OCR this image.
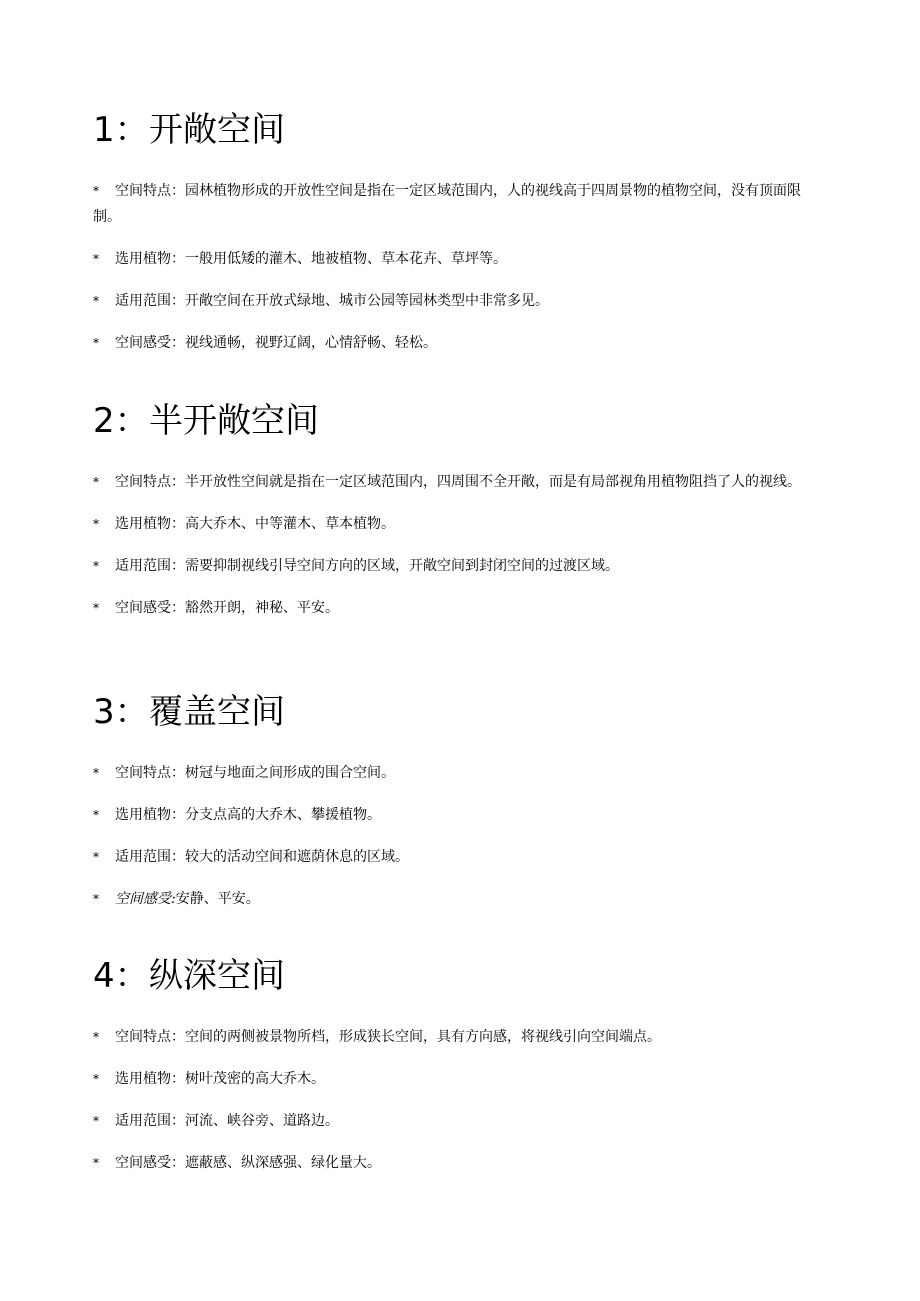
1：开敞空间
* 空间特点：园林植物形成的开放性空间是指在一定区域范围内，人的视线高于四周景物的植物空间，没有顶面限制。
* 选用植物：一般用低矮的灌木、地被植物、草本花卉、草坪等。
* 适用范围：开敞空间在开放式绿地、城市公园等园林类型中非常多见。
* 空间感受：视线通畅，视野辽阔，心情舒畅、轻松。
2：半开敞空间
* 空间特点：半开放性空间就是指在一定区域范围内，四周围不全开敞，而是有局部视角用植物阻挡了人的视线。
* 选用植物：高大乔木、中等灌木、草本植物。
* 适用范围：需要抑制视线引导空间方向的区域，开敞空间到封闭空间的过渡区域。
* 空间感受：豁然开朗，神秘、平安。
3：覆盖空间
* 空间特点：树冠与地面之间形成的围合空间。
* 选用植物：分支点高的大乔木、攀援植物。
* 适用范围：较大的活动空间和遮荫休息的区域。
* 空间感受:安静、平安。
4：纵深空间
* 空间特点：空间的两侧被景物所档，形成狭长空间，具有方向感，将视线引向空间端点。
* 选用植物：树叶茂密的高大乔木。
* 适用范围：河流、峡谷旁、道路边。
* 空间感受：遮蔽感、纵深感强、绿化量大。
